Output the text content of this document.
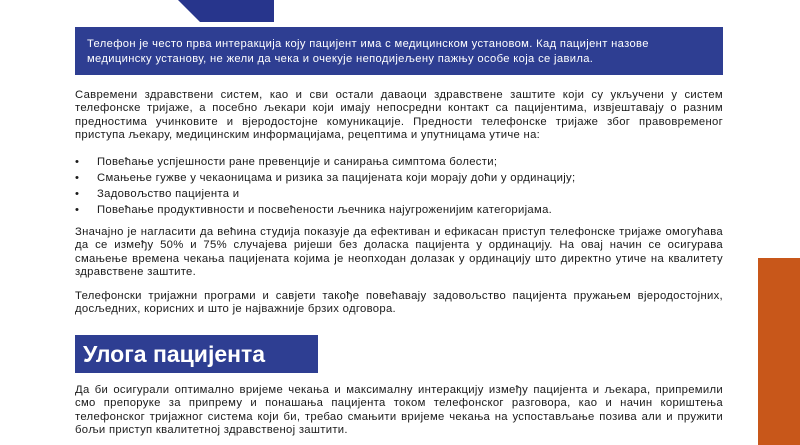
Телефон је често прва интеракција коју пацијент има с медицинском установом. Кад пацијент назове медицинску установу, не жели да чека и очекује неподијељену пажњу особе која се јавила.

Савремени здравствени систем, као и сви остали даваоци здравствене заштите који су укључени у систем телефонске тријаже, а посебно љекари који имају непосредни контакт са пацијентима, извјештавају о разним предностима учинковите и вјеродостојне комуникације. Предности телефонске тријаже због правовременог приступа љекару, медицинским информацијама, рецептима и упутницама утиче на:

• Повећање успјешности ране превенције и санирања симптома болести;
• Смањење гужве у чекаоницама и ризика за пацијената који морају доћи у ординацију;
• Задовољство пацијента и
• Повећање продуктивности и посвећености љечника најугроженијим категоријама.

Значајно је нагласити да већина студија показује да ефективан и ефикасан приступ телефонске тријаже омогућава да се између 50% и 75% случајева ријеши без доласка пацијента у ординацију. На овај начин се осигурава смањење времена чекања пацијената којима је неопходан долазак у ординацију што директно утиче на квалитету здравствене заштите.

Телефонски тријажни програми и савјети такође повећавају задовољство пацијента пружањем вјеродостојних, досљедних, корисних и што је најважније брзих одговора.

Улога пацијента

Да би осигурали оптимално вријеме чекања и максималну интеракцију између пацијента и љекара, припремили смо препоруке за припрему и понашања пацијента током телефонског разговора, као и начин кориштења телефонског тријажног система који би, требао смањити вријеме чекања на успостављање позива али и пружити бољи приступ квалитетној здравственој заштити.
